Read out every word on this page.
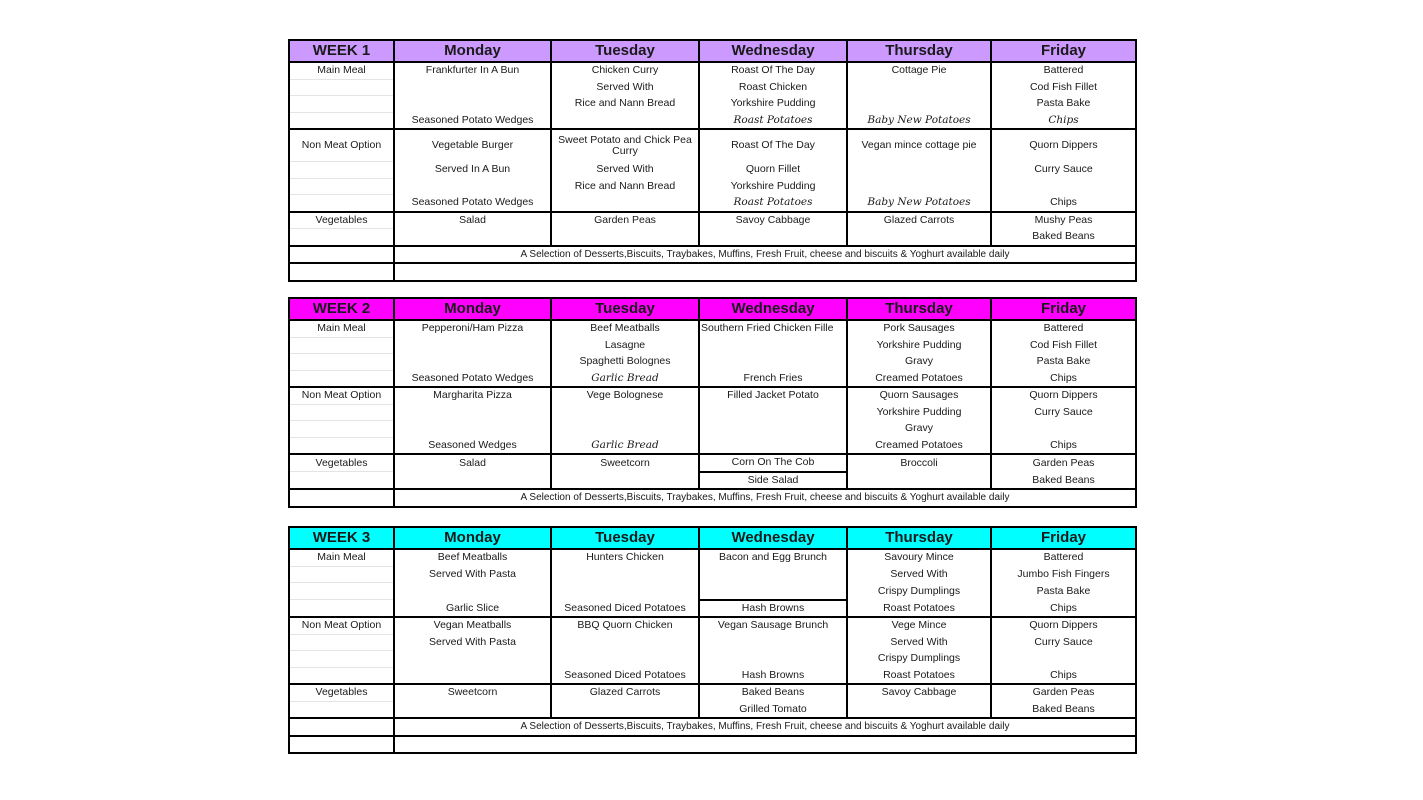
WEEK 1	Monday	Tuesday	Wednesday	Thursday	Friday
Main Meal	Frankfurter In A Bun	Chicken Curry	Roast Of The Day	Cottage Pie	Battered
		Served With	Roast Chicken		Cod Fish Fillet
		Rice and Nann Bread	Yorkshire Pudding		Pasta Bake
	Seasoned Potato Wedges		Roast Potatoes	Baby New Potatoes	Chips
Non Meat Option	Vegetable Burger	Sweet Potato and Chick Pea Curry	Roast Of The Day	Vegan mince cottage pie	Quorn Dippers
	Served In A Bun	Served With	Quorn Fillet		Curry Sauce
		Rice and Nann Bread	Yorkshire Pudding		
	Seasoned Potato Wedges		Roast Potatoes	Baby New Potatoes	Chips
Vegetables	Salad	Garden Peas	Savoy Cabbage	Glazed Carrots	Mushy Peas
					Baked Beans
	A Selection of Desserts,Biscuits, Traybakes, Muffins, Fresh Fruit, cheese and biscuits & Yoghurt available daily				

WEEK 2	Monday	Tuesday	Wednesday	Thursday	Friday
Main Meal	Pepperoni/Ham Pizza	Beef Meatballs	Southern Fried Chicken Fille	Pork Sausages	Battered
		Lasagne		Yorkshire Pudding	Cod Fish Fillet
		Spaghetti Bolognes		Gravy	Pasta Bake
	Seasoned Potato Wedges	Garlic Bread	French Fries	Creamed Potatoes	Chips
Non Meat Option	Margharita Pizza	Vege Bolognese	Filled Jacket Potato	Quorn Sausages	Quorn Dippers
				Yorkshire Pudding	Curry Sauce
				Gravy	
	Seasoned Wedges	Garlic Bread		Creamed Potatoes	Chips
Vegetables	Salad	Sweetcorn	Corn On The Cob	Broccoli	Garden Peas
			Side Salad		Baked Beans
	A Selection of Desserts,Biscuits, Traybakes, Muffins, Fresh Fruit, cheese and biscuits & Yoghurt available daily				
WEEK 3	Monday	Tuesday	Wednesday	Thursday	Friday
Main Meal	Beef Meatballs	Hunters Chicken	Bacon and Egg Brunch	Savoury Mince	Battered
	Served With Pasta			Served With	Jumbo Fish Fingers
				Crispy Dumplings	Pasta Bake
	Garlic Slice	Seasoned Diced Potatoes	Hash Browns	Roast Potatoes	Chips
Non Meat Option	Vegan Meatballs	BBQ Quorn Chicken	Vegan Sausage Brunch	Vege Mince	Quorn Dippers
	Served With Pasta			Served With	Curry Sauce
				Crispy Dumplings	
		Seasoned Diced Potatoes	Hash Browns	Roast Potatoes	Chips
Vegetables	Sweetcorn	Glazed Carrots	Baked Beans	Savoy Cabbage	Garden Peas
			Grilled Tomato		Baked Beans
	A Selection of Desserts,Biscuits, Traybakes, Muffins, Fresh Fruit, cheese and biscuits & Yoghurt available daily				
